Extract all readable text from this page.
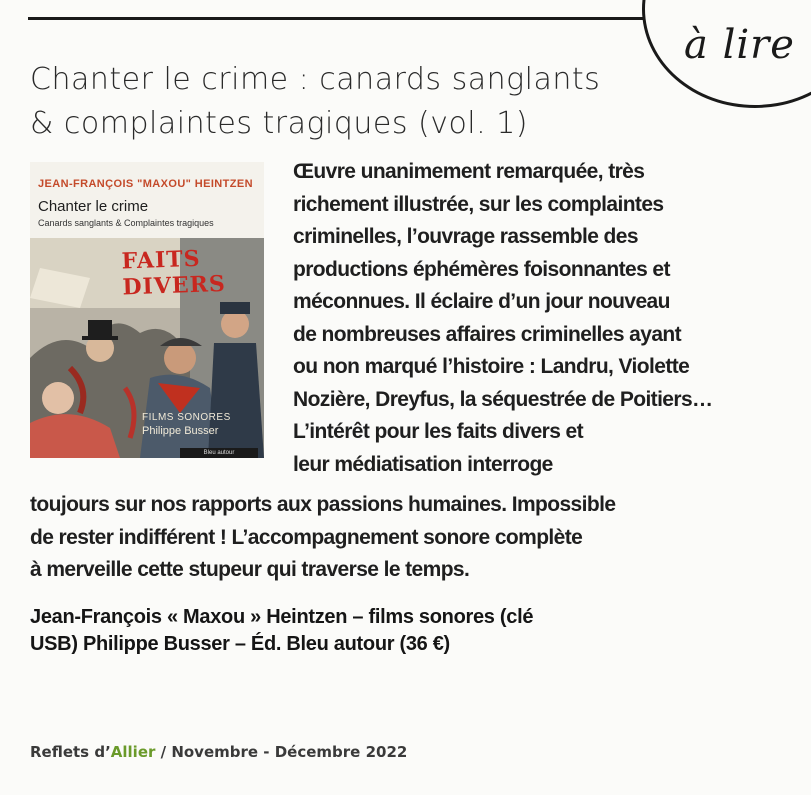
à lire
Chanter le crime : canards sanglants
& complaintes tragiques (vol. 1)
JEAN-FRANÇOIS "MAXOU" HEINTZEN
Chanter le crime
Canards sanglants & Complaintes tragiques
FAITS DIVERS
FILMS SONORES
Philippe Busser
Bleu autour
Œuvre unanimement remarquée, très
richement illustrée, sur les complaintes
criminelles, l’ouvrage rassemble des
productions éphémères foisonnantes et
méconnues. Il éclaire d’un jour nouveau
de nombreuses affaires criminelles ayant
ou non marqué l’histoire : Landru, Violette
Nozière, Dreyfus, la séquestrée de Poitiers…
L’intérêt pour les faits divers et
leur médiatisation interroge
toujours sur nos rapports aux passions humaines. Impossible
de rester indifférent ! L’accompagnement sonore complète
à merveille cette stupeur qui traverse le temps.
Jean-François « Maxou » Heintzen – films sonores (clé
USB) Philippe Busser – Éd. Bleu autour (36 €)
Reflets d’Allier / Novembre - Décembre 2022
